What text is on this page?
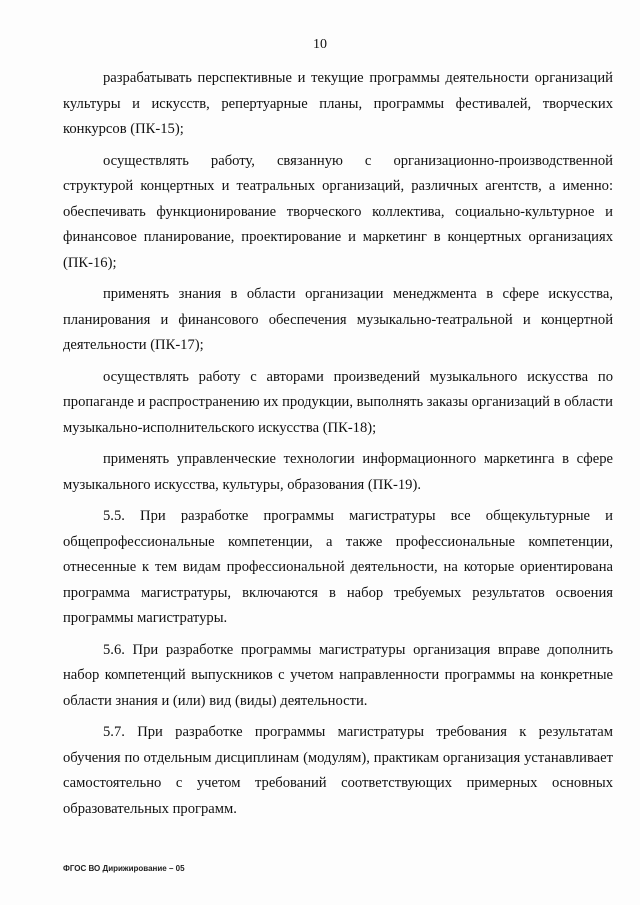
10

разрабатывать перспективные и текущие программы деятельности организаций культуры и искусств, репертуарные планы, программы фестивалей, творческих конкурсов (ПК-15);

осуществлять работу, связанную с организационно-производственной структурой концертных и театральных организаций, различных агентств, а именно: обеспечивать функционирование творческого коллектива, социально-культурное и финансовое планирование, проектирование и маркетинг в концертных организациях (ПК-16);

применять знания в области организации менеджмента в сфере искусства, планирования и финансового обеспечения музыкально-театральной и концертной деятельности (ПК-17);

осуществлять работу с авторами произведений музыкального искусства по пропаганде и распространению их продукции, выполнять заказы организаций в области музыкально-исполнительского искусства (ПК-18);

применять управленческие технологии информационного маркетинга в сфере музыкального искусства, культуры, образования (ПК-19).

5.5. При разработке программы магистратуры все общекультурные и общепрофессиональные компетенции, а также профессиональные компетенции, отнесенные к тем видам профессиональной деятельности, на которые ориентирована программа магистратуры, включаются в набор требуемых результатов освоения программы магистратуры.

5.6. При разработке программы магистратуры организация вправе дополнить набор компетенций выпускников с учетом направленности программы на конкретные области знания и (или) вид (виды) деятельности.

5.7. При разработке программы магистратуры требования к результатам обучения по отдельным дисциплинам (модулям), практикам организация устанавливает самостоятельно с учетом требований соответствующих примерных основных образовательных программ.

ФГОС ВО Дирижирование – 05
